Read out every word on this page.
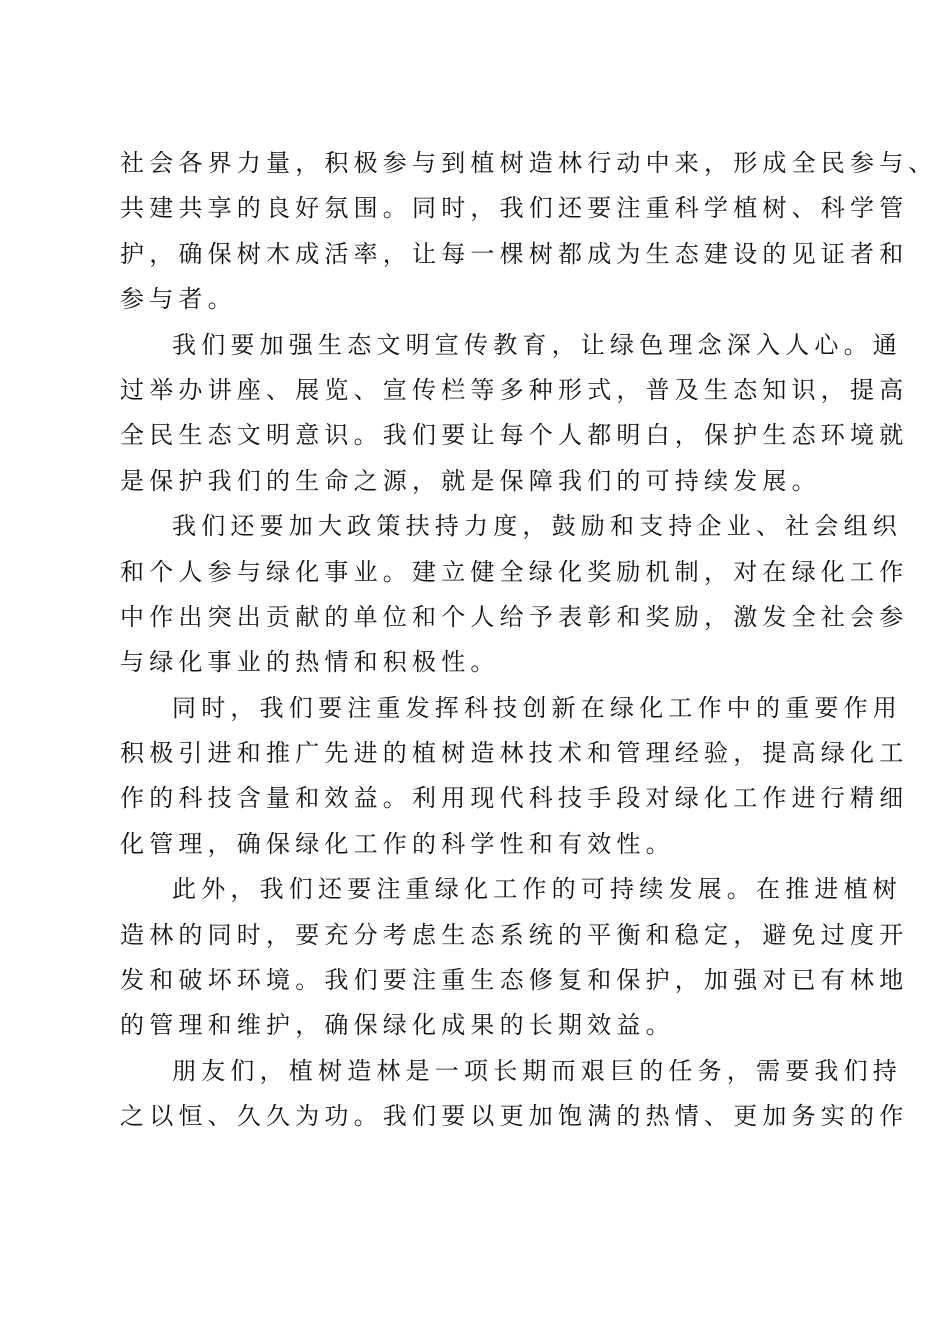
社会各界力量，积极参与到植树造林行动中来，形成全民参与、
共建共享的良好氛围。同时，我们还要注重科学植树、科学管
护，确保树木成活率，让每一棵树都成为生态建设的见证者和
参与者。
我们要加强生态文明宣传教育，让绿色理念深入人心。通
过举办讲座、展览、宣传栏等多种形式，普及生态知识，提高
全民生态文明意识。我们要让每个人都明白，保护生态环境就
是保护我们的生命之源，就是保障我们的可持续发展。
我们还要加大政策扶持力度，鼓励和支持企业、社会组织
和个人参与绿化事业。建立健全绿化奖励机制，对在绿化工作
中作出突出贡献的单位和个人给予表彰和奖励，激发全社会参
与绿化事业的热情和积极性。
同时，我们要注重发挥科技创新在绿化工作中的重要作用
积极引进和推广先进的植树造林技术和管理经验，提高绿化工
作的科技含量和效益。利用现代科技手段对绿化工作进行精细
化管理，确保绿化工作的科学性和有效性。
此外，我们还要注重绿化工作的可持续发展。在推进植树
造林的同时，要充分考虑生态系统的平衡和稳定，避免过度开
发和破坏环境。我们要注重生态修复和保护，加强对已有林地
的管理和维护，确保绿化成果的长期效益。
朋友们，植树造林是一项长期而艰巨的任务，需要我们持
之以恒、久久为功。我们要以更加饱满的热情、更加务实的作
